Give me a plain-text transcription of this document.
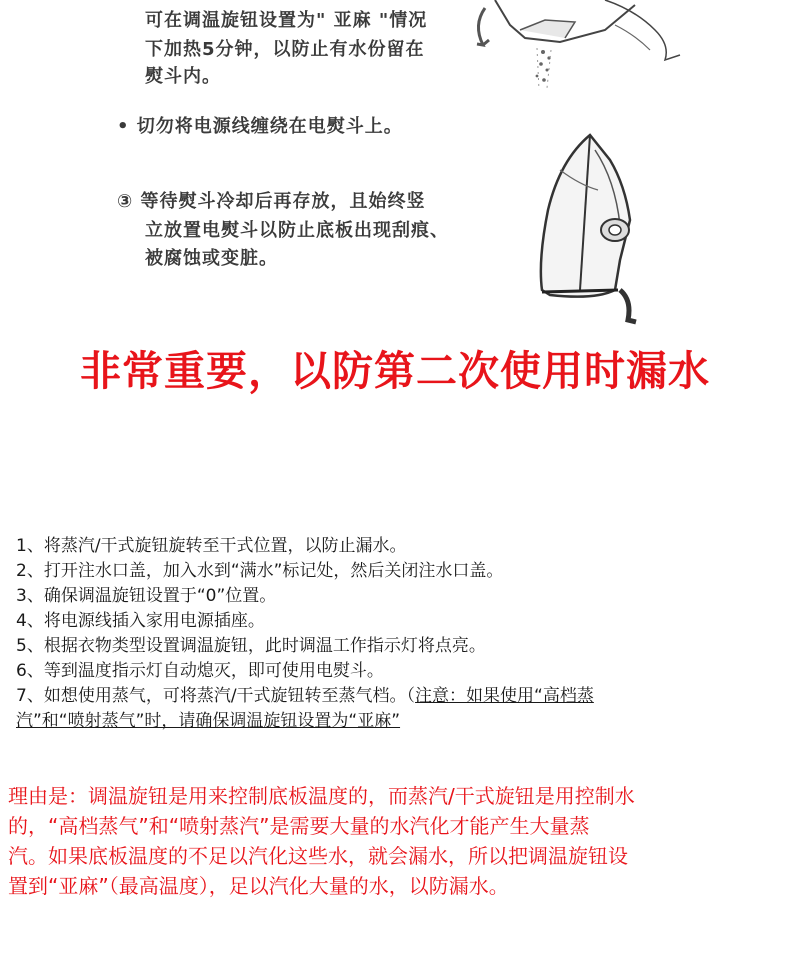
可在调温旋钮设置为" 亚麻 "情况
下加热5分钟，以防止有水份留在
熨斗内。
• 切勿将电源线缠绕在电熨斗上。
③ 等待熨斗冷却后再存放，且始终竖
立放置电熨斗以防止底板出现刮痕、
被腐蚀或变脏。
非常重要，以防第二次使用时漏水
1、将蒸汽/干式旋钮旋转至干式位置，以防止漏水。
2、打开注水口盖，加入水到“满水”标记处，然后关闭注水口盖。
3、确保调温旋钮设置于“0”位置。
4、将电源线插入家用电源插座。
5、根据衣物类型设置调温旋钮，此时调温工作指示灯将点亮。
6、等到温度指示灯自动熄灭，即可使用电熨斗。
7、如想使用蒸气，可将蒸汽/干式旋钮转至蒸气档。（注意：如果使用“高档蒸
汽”和“喷射蒸气”时，请确保调温旋钮设置为“亚麻”
理由是：调温旋钮是用来控制底板温度的，而蒸汽/干式旋钮是用控制水
的，“高档蒸气”和“喷射蒸汽”是需要大量的水汽化才能产生大量蒸
汽。如果底板温度的不足以汽化这些水，就会漏水，所以把调温旋钮设
置到“亚麻”（最高温度），足以汽化大量的水，以防漏水。
